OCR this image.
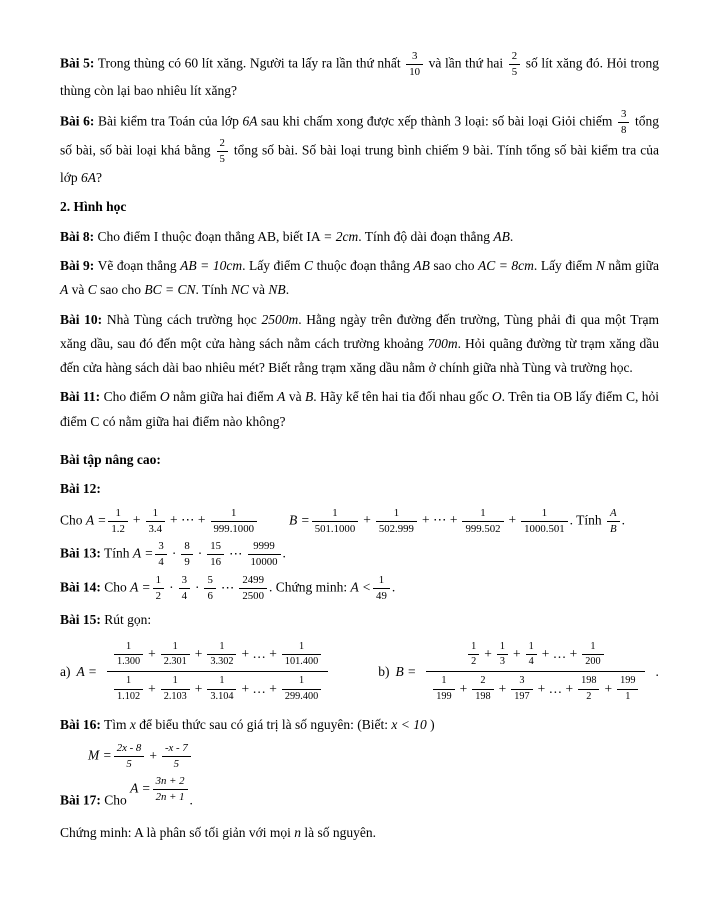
Bài 5: Trong thùng có 60 lít xăng. Người ta lấy ra lần thứ nhất $\frac{3}{10}$ và lần thứ hai $\frac{2}{5}$ số lít xăng đó. Hỏi trong thùng còn lại bao nhiêu lít xăng?

Bài 6: Bài kiểm tra Toán của lớp 6A sau khi chấm xong được xếp thành 3 loại: số bài loại Giỏi chiếm $\frac{3}{8}$ tổng số bài, số bài loại khá bằng $\frac{2}{5}$ tổng số bài. Số bài loại trung bình chiếm 9 bài. Tính tổng số bài kiểm tra của lớp 6A?

2. Hình học

Bài 8: Cho điểm I thuộc đoạn thẳng AB, biết IA = 2cm. Tính độ dài đoạn thẳng AB.

Bài 9: Vẽ đoạn thẳng AB = 10cm. Lấy điểm C thuộc đoạn thẳng AB sao cho AC = 8cm. Lấy điểm N nằm giữa A và C sao cho BC = CN. Tính NC và NB.

Bài 10: Nhà Tùng cách trường học 2500m. Hằng ngày trên đường đến trường, Tùng phải đi qua một Trạm xăng dầu, sau đó đến một cửa hàng sách nằm cách trường khoảng 700m. Hỏi quãng đường từ trạm xăng dầu đến cửa hàng sách dài bao nhiêu mét? Biết rằng trạm xăng dầu nằm ở chính giữa nhà Tùng và trường học.

Bài 11: Cho điểm O nằm giữa hai điểm A và B. Hãy kể tên hai tia đối nhau gốc O. Trên tia OB lấy điểm C, hỏi điểm C có nằm giữa hai điểm nào không?

Bài tập nâng cao:

Bài 12:

Cho $A = \frac{1}{1.2} + \frac{1}{3.4}$ + ⋯ + $\frac{1}{999.1000}$ $B = \frac{1}{501.1000} + \frac{1}{502.999}$ + ⋯ + $\frac{1}{999.502} + \frac{1}{1000.501}$ . Tính $\frac{A}{B}$ .

Bài 13: Tính $A = \frac{3}{4} \cdot \frac{8}{9} \cdot \frac{15}{16}$ ⋯ $\frac{9999}{10000}$ .

Bài 14: Cho $A = \frac{1}{2} \cdot \frac{3}{4} \cdot \frac{5}{6}$ ⋯ $\frac{2499}{2500}$ . Chứng minh: $A < \frac{1}{49}$ .

Bài 15: Rút gọn:

a) $A = \frac{\frac{1}{1.300} + \frac{1}{2.301} + \frac{1}{3.302} + \dots + \frac{1}{101.400}}{\frac{1}{1.102} + \frac{1}{2.103} + \frac{1}{3.104} + \dots + \frac{1}{299.400}}$	b) $B = \frac{\frac{1}{2} + \frac{1}{3} + \frac{1}{4} + \dots + \frac{1}{200}}{\frac{1}{199} + \frac{2}{198} + \frac{3}{197} + \dots + \frac{198}{2} + \frac{199}{1}}$ .

Bài 16: Tìm x để biểu thức sau có giá trị là số nguyên: (Biết: x < 10 )

$M = \frac{2x - 8}{5} + \frac{-x - 7}{5}$

Bài 17: Cho $A = \frac{3n + 2}{2n + 1}$ .

Chứng minh: A là phân số tối giản với mọi n là số nguyên.
